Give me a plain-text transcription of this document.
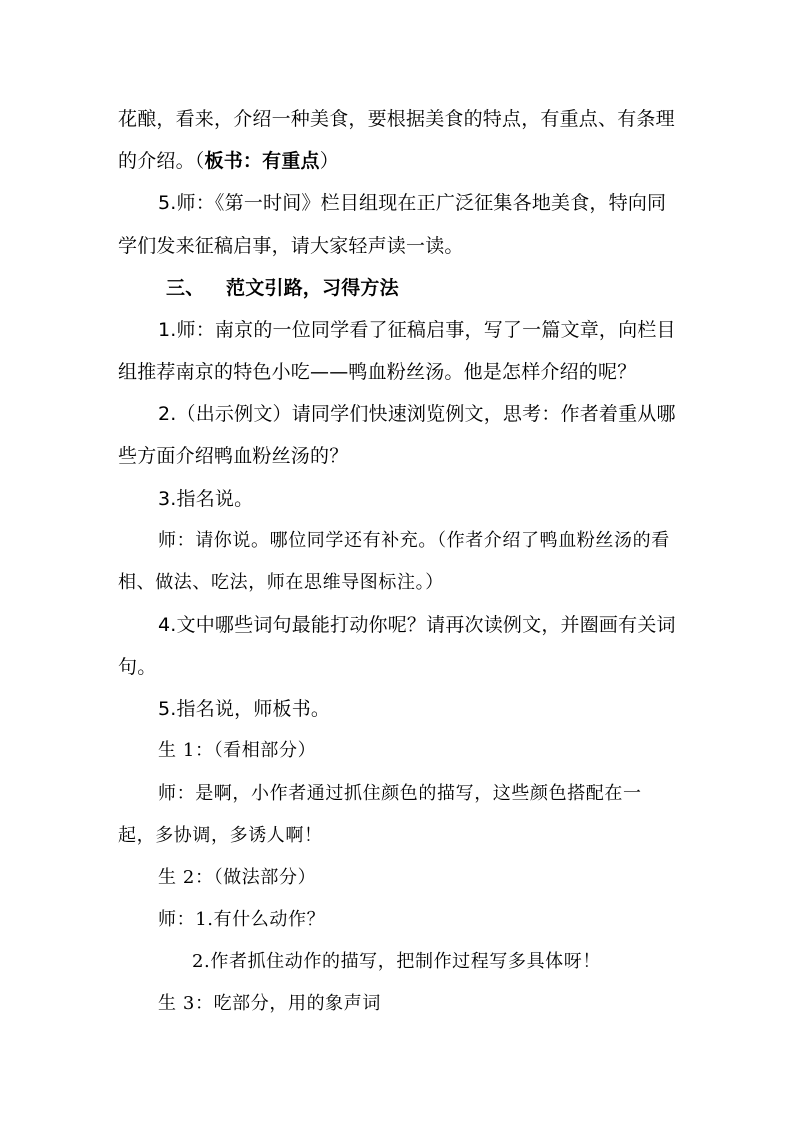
花酿，看来，介绍一种美食，要根据美食的特点，有重点、有条理
的介绍。（板书：有重点）
5.师：《第一时间》栏目组现在正广泛征集各地美食，特向同
学们发来征稿启事，请大家轻声读一读。
三、 范文引路，习得方法
1.师：南京的一位同学看了征稿启事，写了一篇文章，向栏目
组推荐南京的特色小吃——鸭血粉丝汤。他是怎样介绍的呢？
2.（出示例文）请同学们快速浏览例文，思考：作者着重从哪
些方面介绍鸭血粉丝汤的？
3.指名说。
师：请你说。哪位同学还有补充。（作者介绍了鸭血粉丝汤的看
相、做法、吃法，师在思维导图标注。）
4.文中哪些词句最能打动你呢？请再次读例文，并圈画有关词
句。
5.指名说，师板书。
生 1：（看相部分）
师：是啊，小作者通过抓住颜色的描写，这些颜色搭配在一
起，多协调，多诱人啊！
生 2：（做法部分）
师：1.有什么动作？
2.作者抓住动作的描写，把制作过程写多具体呀！
生 3：吃部分，用的象声词
